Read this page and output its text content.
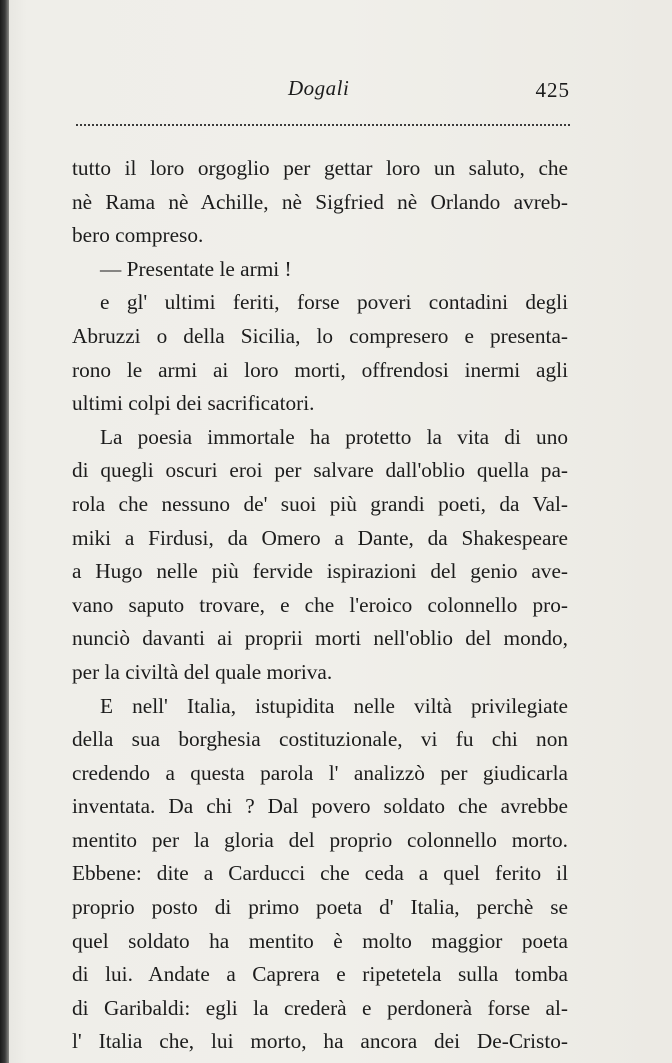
Dogali	425
tutto il loro orgoglio per gettar loro un saluto, che
nè Rama nè Achille, nè Sigfried nè Orlando avreb-
bero compreso.
— Presentate le armi !
e gl' ultimi feriti, forse poveri contadini degli
Abruzzi o della Sicilia, lo compresero e presenta-
rono le armi ai loro morti, offrendosi inermi agli
ultimi colpi dei sacrificatori.
La poesia immortale ha protetto la vita di uno
di quegli oscuri eroi per salvare dall'oblio quella pa-
rola che nessuno de' suoi più grandi poeti, da Val-
miki a Firdusi, da Omero a Dante, da Shakespeare
a Hugo nelle più fervide ispirazioni del genio ave-
vano saputo trovare, e che l'eroico colonnello pro-
nunciò davanti ai proprii morti nell'oblio del mondo,
per la civiltà del quale moriva.
E nell' Italia, istupidita nelle viltà privilegiate
della sua borghesia costituzionale, vi fu chi non
credendo a questa parola l' analizzò per giudicarla
inventata. Da chi ? Dal povero soldato che avrebbe
mentito per la gloria del proprio colonnello morto.
Ebbene: dite a Carducci che ceda a quel ferito il
proprio posto di primo poeta d' Italia, perchè se
quel soldato ha mentito è molto maggior poeta
di lui. Andate a Caprera e ripetetela sulla tomba
di Garibaldi: egli la crederà e perdonerà forse al-
l' Italia che, lui morto, ha ancora dei De-Cristo-
